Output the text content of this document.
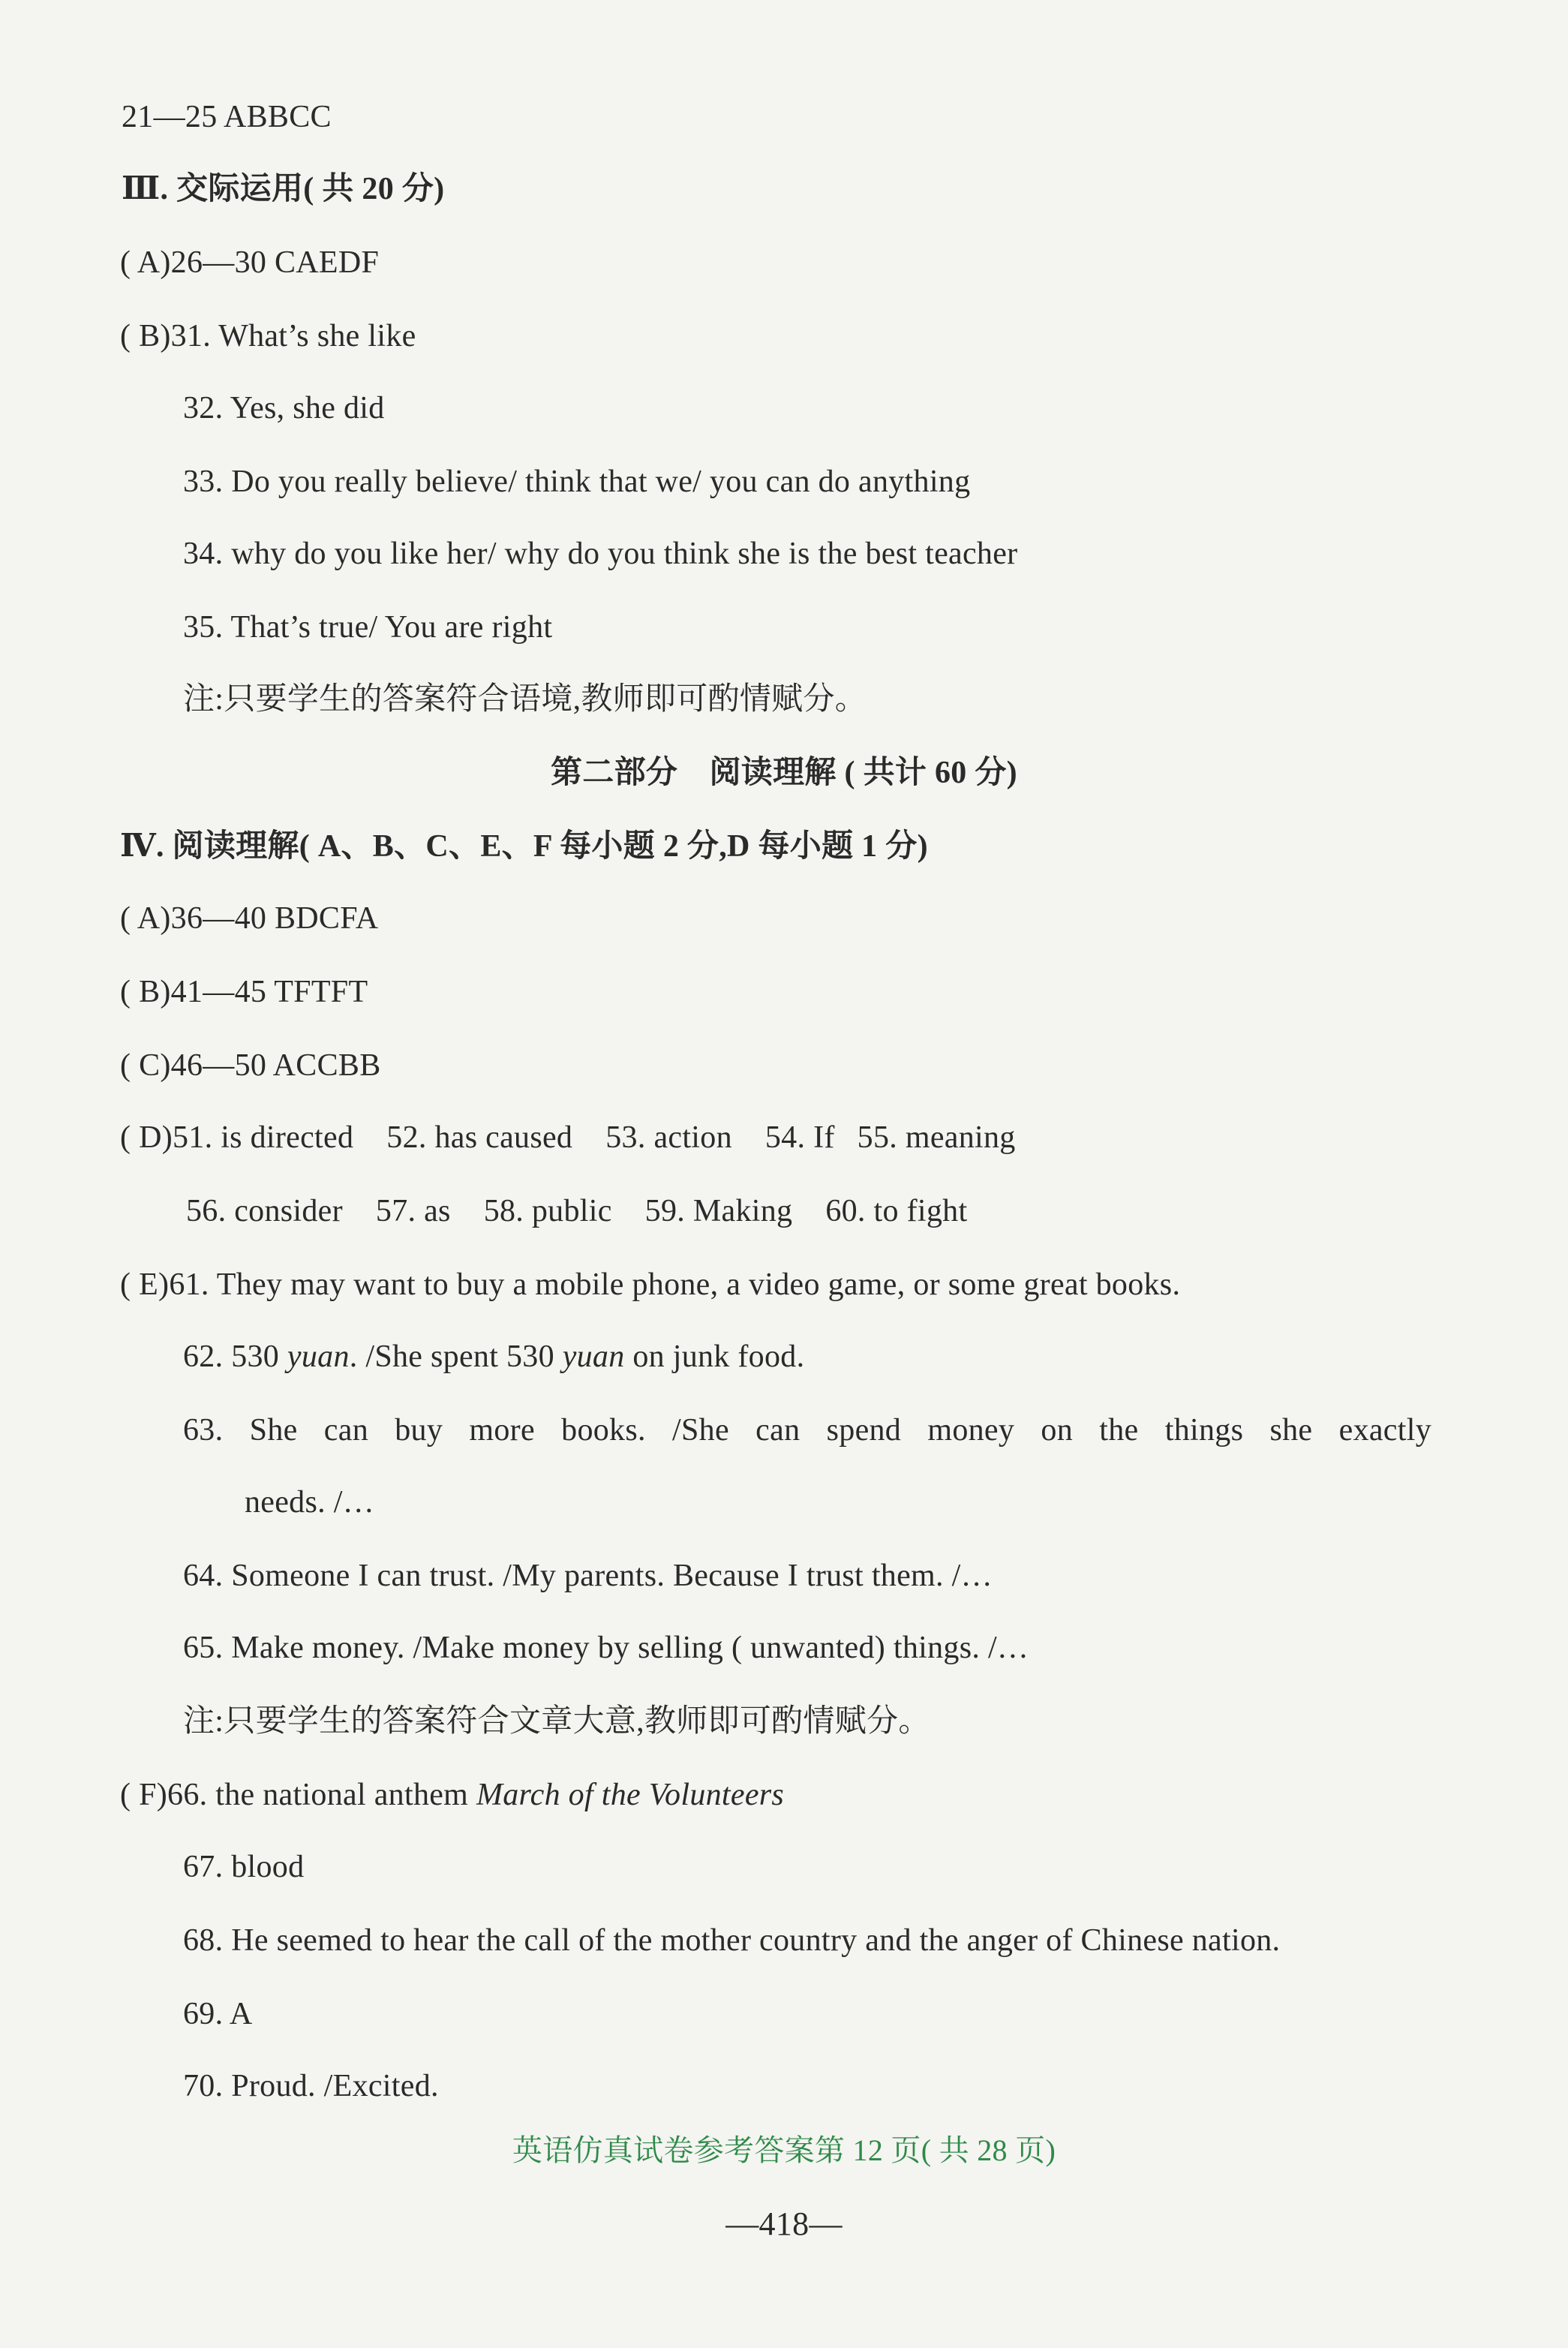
21—25 ABBCC
Ⅲ. 交际运用( 共 20 分)
( A)26—30 CAEDF
( B)31. What’s she like
32. Yes, she did
33. Do you really believe/ think that we/ you can do anything
34. why do you like her/ why do you think she is the best teacher
35. That’s true/ You are right
注:只要学生的答案符合语境,教师即可酌情赋分。
第二部分　阅读理解 ( 共计 60 分)
Ⅳ. 阅读理解( A、B、C、E、F 每小题 2 分,D 每小题 1 分)
( A)36—40 BDCFA
( B)41—45 TFTFT
( C)46—50 ACCBB
( D)51. is directed 52. has caused 53. action 54. If 55. meaning
56. consider 57. as 58. public 59. Making 60. to fight
( E)61. They may want to buy a mobile phone, a video game, or some great books.
62. 530 yuan. /She spent 530 yuan on junk food.
63. She can buy more books. /She can spend money on the things she exactly
needs. /…
64. Someone I can trust. /My parents. Because I trust them. /…
65. Make money. /Make money by selling ( unwanted) things. /…
注:只要学生的答案符合文章大意,教师即可酌情赋分。
( F)66. the national anthem March of the Volunteers
67. blood
68. He seemed to hear the call of the mother country and the anger of Chinese nation.
69. A
70. Proud. /Excited.
英语仿真试卷参考答案第 12 页( 共 28 页)
—418—
